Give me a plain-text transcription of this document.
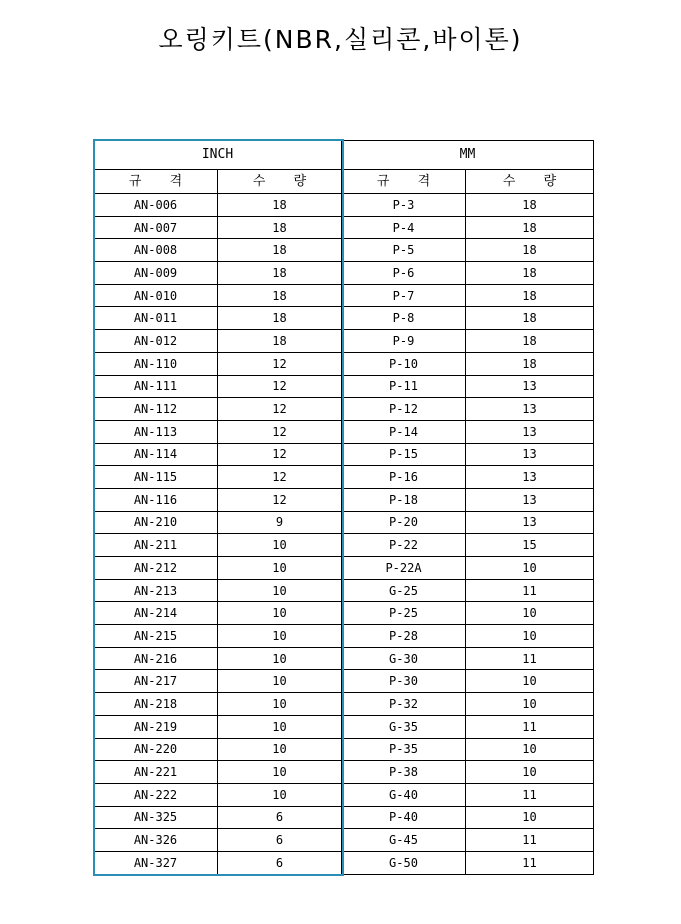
오링키트(NBR,실리콘,바이톤)
INCH		MM	
규 격	수 량	규 격	수 량
AN-006	18	P-3	18
AN-007	18	P-4	18
AN-008	18	P-5	18
AN-009	18	P-6	18
AN-010	18	P-7	18
AN-011	18	P-8	18
AN-012	18	P-9	18
AN-110	12	P-10	18
AN-111	12	P-11	13
AN-112	12	P-12	13
AN-113	12	P-14	13
AN-114	12	P-15	13
AN-115	12	P-16	13
AN-116	12	P-18	13
AN-210	9	P-20	13
AN-211	10	P-22	15
AN-212	10	P-22A	10
AN-213	10	G-25	11
AN-214	10	P-25	10
AN-215	10	P-28	10
AN-216	10	G-30	11
AN-217	10	P-30	10
AN-218	10	P-32	10
AN-219	10	G-35	11
AN-220	10	P-35	10
AN-221	10	P-38	10
AN-222	10	G-40	11
AN-325	6	P-40	10
AN-326	6	G-45	11
AN-327	6	G-50	11
